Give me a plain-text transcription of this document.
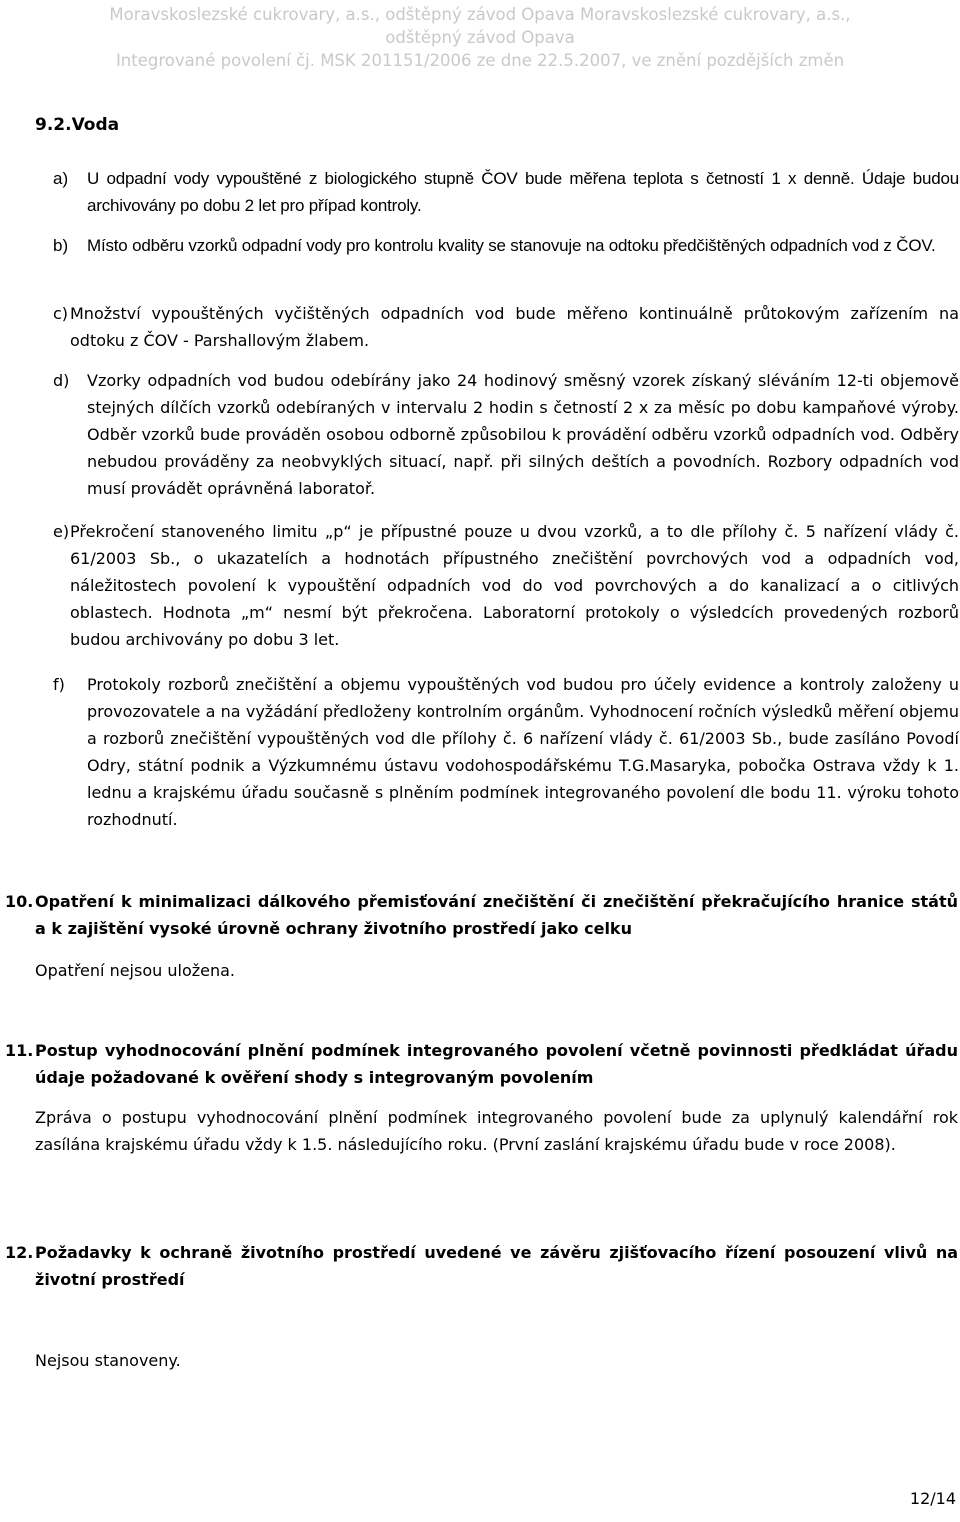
Moravskoslezské cukrovary, a.s., odštěpný závod Opava Moravskoslezské cukrovary, a.s.,
odštěpný závod Opava
Integrované povolení čj. MSK 201151/2006 ze dne 22.5.2007, ve znění pozdějších změn
9.2.Voda
a) U odpadní vody vypouštěné z biologického stupně ČOV bude měřena teplota s četností 1 x denně. Údaje budou archivovány po dobu 2 let pro případ kontroly.
b) Místo odběru vzorků odpadní vody pro kontrolu kvality se stanovuje na odtoku předčištěných odpadních vod z ČOV.
c) Množství vypouštěných vyčištěných odpadních vod bude měřeno kontinuálně průtokovým zařízením na odtoku z ČOV - Parshallovým žlabem.
d) Vzorky odpadních vod budou odebírány jako 24 hodinový směsný vzorek získaný sléváním 12-ti objemově stejných dílčích vzorků odebíraných v intervalu 2 hodin s četností 2 x za měsíc po dobu kampaňové výroby. Odběr vzorků bude prováděn osobou odborně způsobilou k provádění odběru vzorků odpadních vod. Odběry nebudou prováděny za neobvyklých situací, např. při silných deštích a povodních. Rozbory odpadních vod musí provádět oprávněná laboratoř.
e) Překročení stanoveného limitu „p“ je přípustné pouze u dvou vzorků, a to dle přílohy č. 5 nařízení vlády č. 61/2003 Sb., o ukazatelích a hodnotách přípustného znečištění povrchových vod a odpadních vod, náležitostech povolení k vypouštění odpadních vod do vod povrchových a do kanalizací a o citlivých oblastech. Hodnota „m“ nesmí být překročena. Laboratorní protokoly o výsledcích provedených rozborů budou archivovány po dobu 3 let.
f) Protokoly rozborů znečištění a objemu vypouštěných vod budou pro účely evidence a kontroly založeny u provozovatele a na vyžádání předloženy kontrolním orgánům. Vyhodnocení ročních výsledků měření objemu a rozborů znečištění vypouštěných vod dle přílohy č. 6 nařízení vlády č. 61/2003 Sb., bude zasíláno Povodí Odry, státní podnik a Výzkumnému ústavu vodohospodářskému T.G.Masaryka, pobočka Ostrava vždy k 1. lednu a krajskému úřadu současně s plněním podmínek integrovaného povolení dle bodu 11. výroku tohoto rozhodnutí.
10. Opatření k minimalizaci dálkového přemisťování znečištění či znečištění překračujícího hranice států a k zajištění vysoké úrovně ochrany životního prostředí jako celku
Opatření nejsou uložena.
11. Postup vyhodnocování plnění podmínek integrovaného povolení včetně povinnosti předkládat úřadu údaje požadované k ověření shody s integrovaným povolením
Zpráva o postupu vyhodnocování plnění podmínek integrovaného povolení bude za uplynulý kalendářní rok zasílána krajskému úřadu vždy k 1.5. následujícího roku. (První zaslání krajskému úřadu bude v roce 2008).
12. Požadavky k ochraně životního prostředí uvedené ve závěru zjišťovacího řízení posouzení vlivů na životní prostředí
Nejsou stanoveny.
12/14
